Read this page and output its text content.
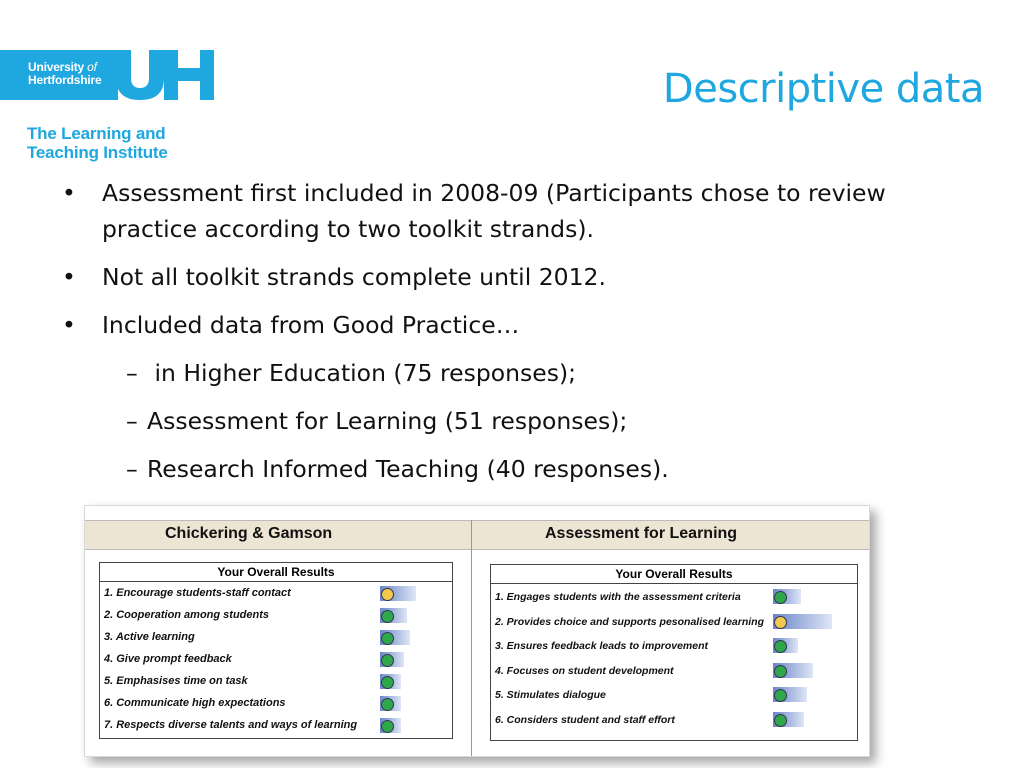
University of
Hertfordshire
The Learning and
Teaching Institute
Descriptive data
• Assessment first included in 2008-09 (Participants chose to review practice according to two toolkit strands).
• Not all toolkit strands complete until 2012.
• Included data from Good Practice…
– in Higher Education (75 responses);
– Assessment for Learning (51 responses);
– Research Informed Teaching (40 responses).
Chickering & Gamson	Assessment for Learning
Your Overall Results
1. Encourage students-staff contact
2. Cooperation among students
3. Active learning
4. Give prompt feedback
5. Emphasises time on task
6. Communicate high expectations
7. Respects diverse talents and ways of learning
Your Overall Results
1. Engages students with the assessment criteria
2. Provides choice and supports pesonalised learning
3. Ensures feedback leads to improvement
4. Focuses on student development
5. Stimulates dialogue
6. Considers student and staff effort
